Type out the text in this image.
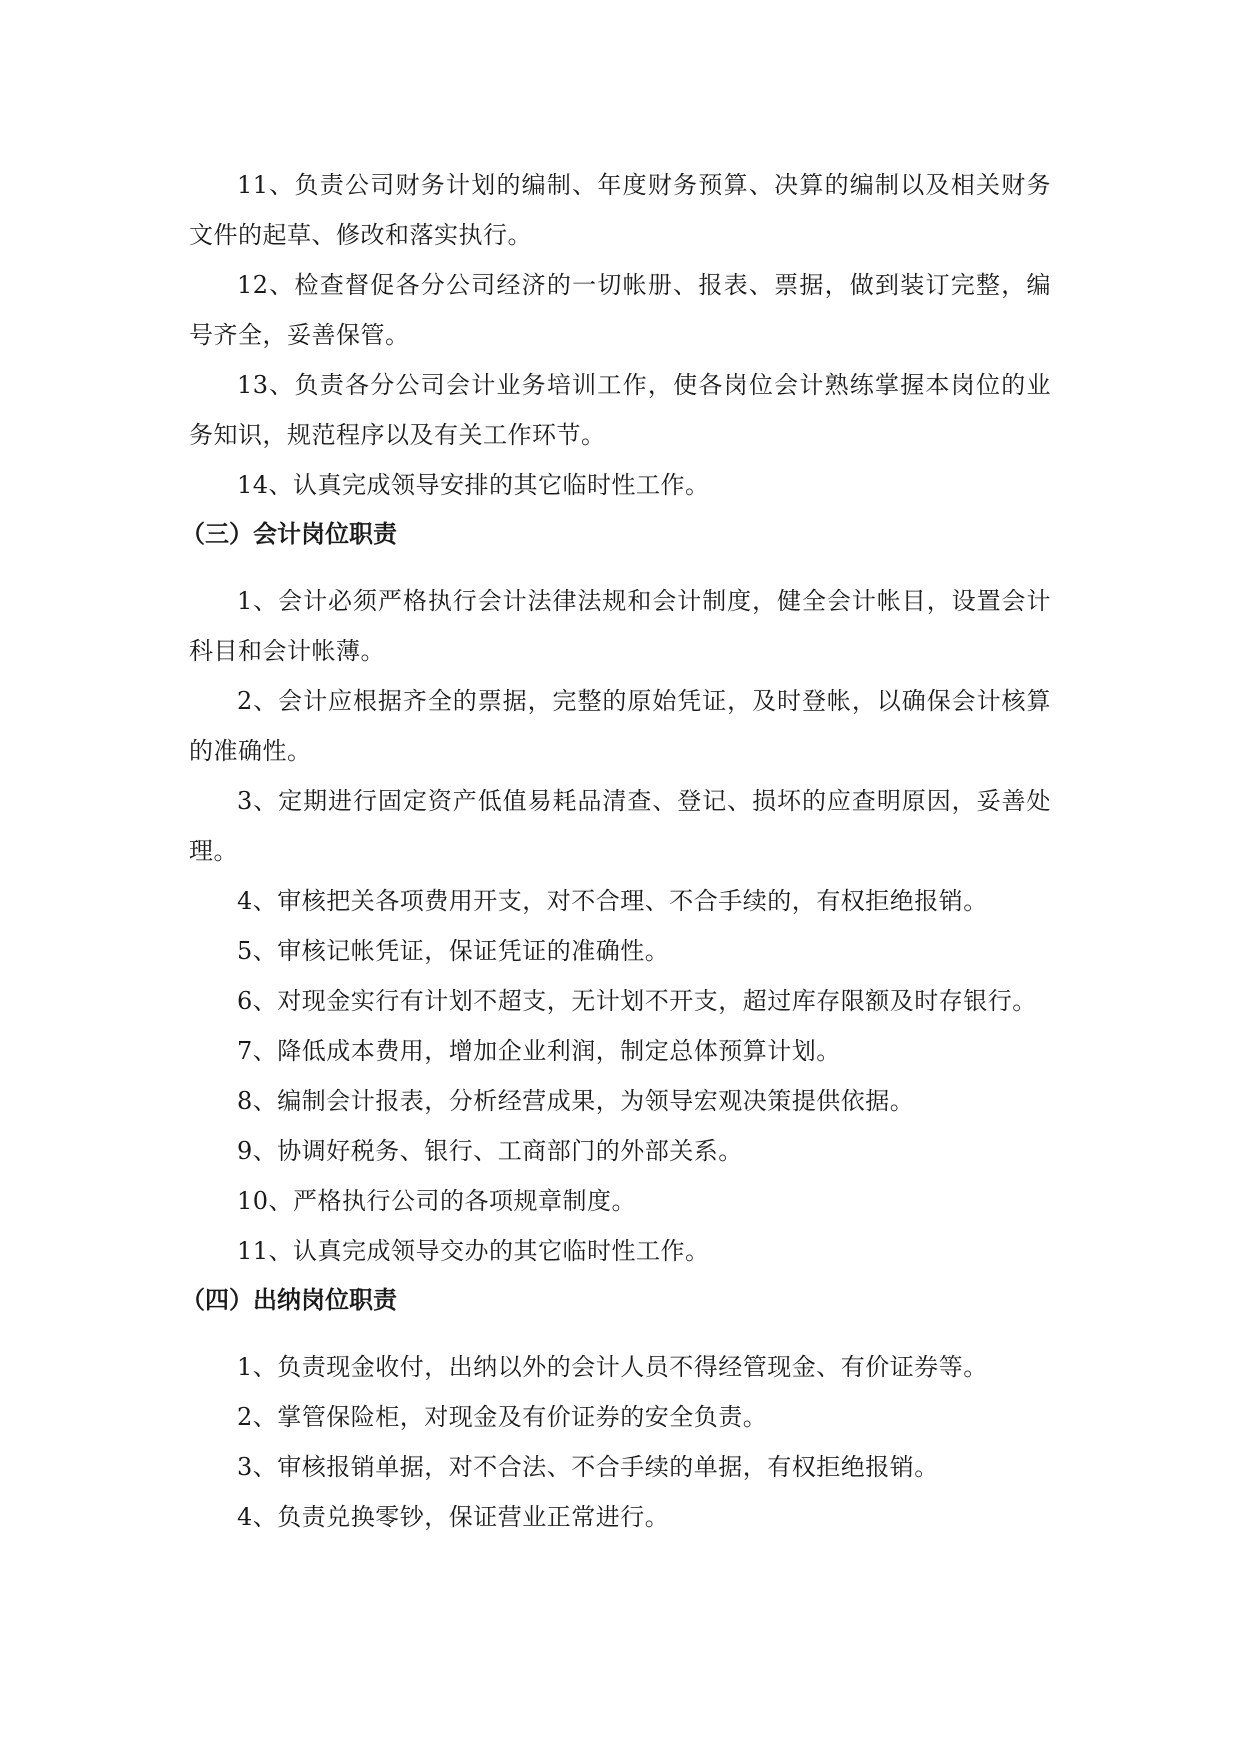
11、负责公司财务计划的编制、年度财务预算、决算的编制以及相关财务文件的起草、修改和落实执行。

12、检查督促各分公司经济的一切帐册、报表、票据，做到装订完整，编号齐全，妥善保管。

13、负责各分公司会计业务培训工作，使各岗位会计熟练掌握本岗位的业务知识，规范程序以及有关工作环节。

14、认真完成领导安排的其它临时性工作。

（三）会计岗位职责

1、会计必须严格执行会计法律法规和会计制度，健全会计帐目，设置会计科目和会计帐薄。

2、会计应根据齐全的票据，完整的原始凭证，及时登帐，以确保会计核算的准确性。

3、定期进行固定资产低值易耗品清查、登记、损坏的应查明原因，妥善处理。

4、审核把关各项费用开支，对不合理、不合手续的，有权拒绝报销。

5、审核记帐凭证，保证凭证的准确性。

6、对现金实行有计划不超支，无计划不开支，超过库存限额及时存银行。

7、降低成本费用，增加企业利润，制定总体预算计划。

8、编制会计报表，分析经营成果，为领导宏观决策提供依据。

9、协调好税务、银行、工商部门的外部关系。

10、严格执行公司的各项规章制度。

11、认真完成领导交办的其它临时性工作。

（四）出纳岗位职责

1、负责现金收付，出纳以外的会计人员不得经管现金、有价证券等。

2、掌管保险柜，对现金及有价证券的安全负责。

3、审核报销单据，对不合法、不合手续的单据，有权拒绝报销。

4、负责兑换零钞，保证营业正常进行。
